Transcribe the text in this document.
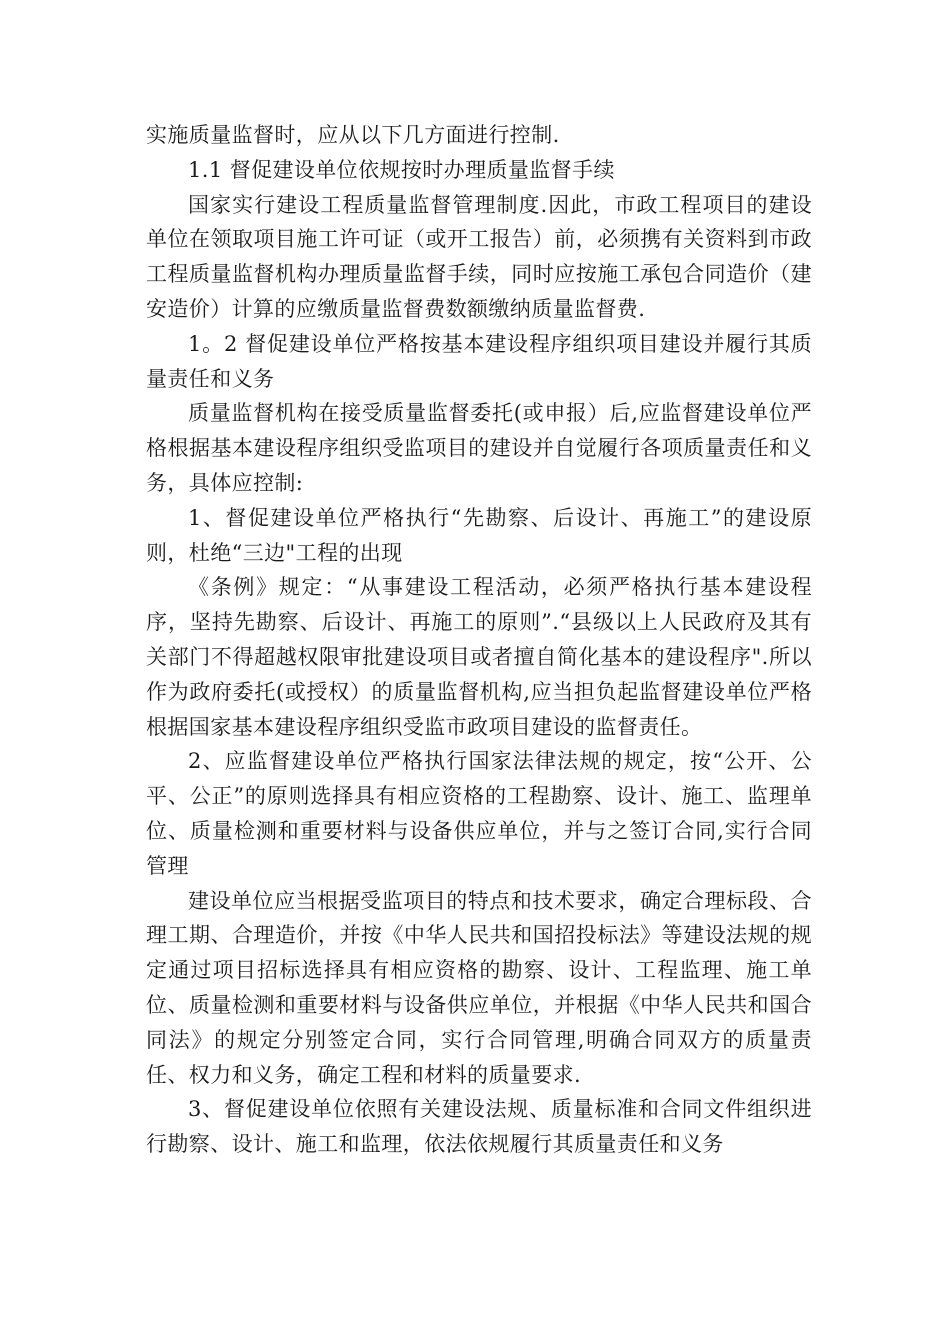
实施质量监督时，应从以下几方面进行控制.

1.1 督促建设单位依规按时办理质量监督手续

国家实行建设工程质量监督管理制度.因此，市政工程项目的建设单位在领取项目施工许可证（或开工报告）前，必须携有关资料到市政工程质量监督机构办理质量监督手续，同时应按施工承包合同造价（建安造价）计算的应缴质量监督费数额缴纳质量监督费.

1。2 督促建设单位严格按基本建设程序组织项目建设并履行其质量责任和义务

质量监督机构在接受质量监督委托(或申报）后,应监督建设单位严格根据基本建设程序组织受监项目的建设并自觉履行各项质量责任和义务，具体应控制:

1、督促建设单位严格执行“先勘察、后设计、再施工”的建设原则，杜绝“三边"工程的出现

《条例》规定：“从事建设工程活动，必须严格执行基本建设程序，坚持先勘察、后设计、再施工的原则”.“县级以上人民政府及其有关部门不得超越权限审批建设项目或者擅自简化基本的建设程序".所以作为政府委托(或授权）的质量监督机构,应当担负起监督建设单位严格根据国家基本建设程序组织受监市政项目建设的监督责任。

2、应监督建设单位严格执行国家法律法规的规定，按“公开、公平、公正”的原则选择具有相应资格的工程勘察、设计、施工、监理单位、质量检测和重要材料与设备供应单位，并与之签订合同,实行合同管理

建设单位应当根据受监项目的特点和技术要求，确定合理标段、合理工期、合理造价，并按《中华人民共和国招投标法》等建设法规的规定通过项目招标选择具有相应资格的勘察、设计、工程监理、施工单位、质量检测和重要材料与设备供应单位，并根据《中华人民共和国合同法》的规定分别签定合同，实行合同管理,明确合同双方的质量责任、权力和义务，确定工程和材料的质量要求.

3、督促建设单位依照有关建设法规、质量标准和合同文件组织进行勘察、设计、施工和监理，依法依规履行其质量责任和义务
